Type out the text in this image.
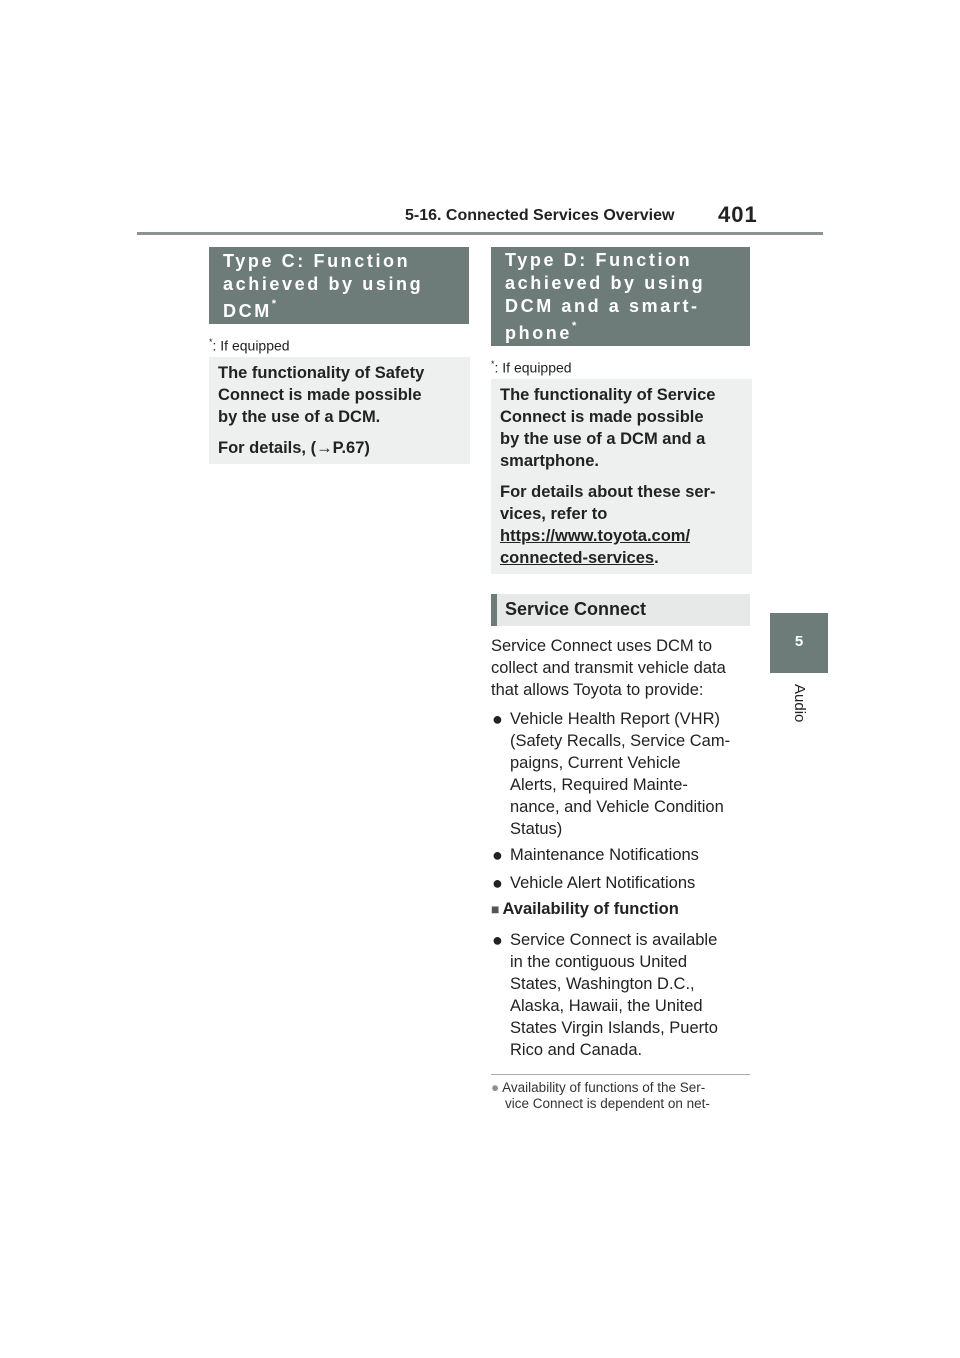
5-16. Connected Services Overview 401
5
Audio
Type C: Function
achieved by using
DCM*
*: If equipped

The functionality of Safety

Connect is made possible

by the use of a DCM.

For details, (→P.67)

Type D: Function
achieved by using
DCM and a smart-
phone*
*: If equipped

The functionality of Service

Connect is made possible

by the use of a DCM and a

smartphone.

For details about these ser-

vices, refer to

https://www.toyota.com/

connected-services.

Service Connect
Service Connect uses DCM to
collect and transmit vehicle data
that allows Toyota to provide:
● Vehicle Health Report (VHR)
(Safety Recalls, Service Cam-
paigns, Current Vehicle
Alerts, Required Mainte-
nance, and Vehicle Condition
Status)
● Maintenance Notifications
● Vehicle Alert Notifications
■ Availability of function
● Service Connect is available
in the contiguous United
States, Washington D.C.,
Alaska, Hawaii, the United
States Virgin Islands, Puerto
Rico and Canada.
● Availability of functions of the Ser-
vice Connect is dependent on net-
